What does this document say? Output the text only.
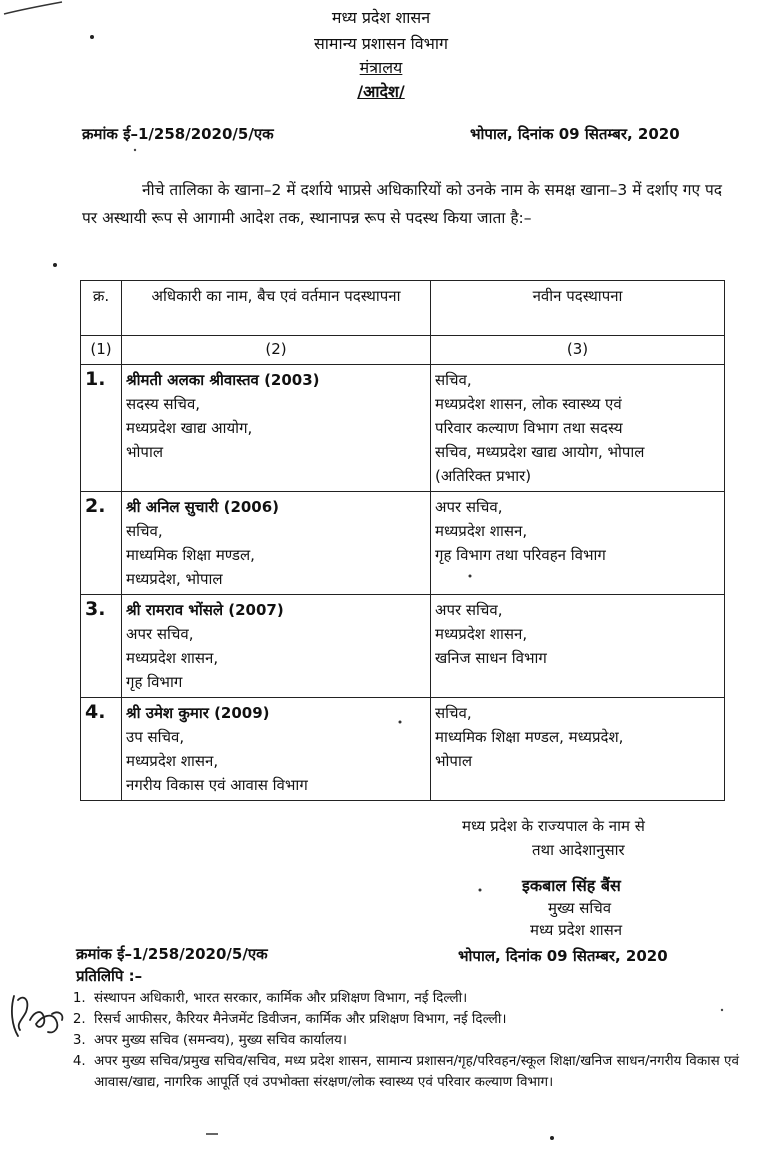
मध्य प्रदेश शासन
सामान्य प्रशासन विभाग
मंत्रालय
/आदेश/
क्रमांक ई–1/258/2020/5/एक	भोपाल, दिनांक 09 सितम्बर, 2020
नीचे तालिका के खाना–2 में दर्शाये भाप्रसे अधिकारियों को उनके नाम के समक्ष खाना–3 में दर्शाए गए पद पर अस्थायी रूप से आगामी आदेश तक, स्थानापन्न रूप से पदस्थ किया जाता है:–
क्र.	अधिकारी का नाम, बैच एवं वर्तमान पदस्थापना	नवीन पदस्थापना
(1)	(2)	(3)
1.	श्रीमती अलका श्रीवास्तव (2003)
सदस्य सचिव,
मध्यप्रदेश खाद्य आयोग,
भोपाल	सचिव,
मध्यप्रदेश शासन, लोक स्वास्थ्य एवं
परिवार कल्याण विभाग तथा सदस्य
सचिव, मध्यप्रदेश खाद्य आयोग, भोपाल
(अतिरिक्त प्रभार)

2.	श्री अनिल सुचारी (2006)
सचिव,
माध्यमिक शिक्षा मण्डल,
मध्यप्रदेश, भोपाल	अपर सचिव,
मध्यप्रदेश शासन,
गृह विभाग तथा परिवहन विभाग

3.	श्री रामराव भोंसले (2007)
अपर सचिव,
मध्यप्रदेश शासन,
गृह विभाग	अपर सचिव,
मध्यप्रदेश शासन,
खनिज साधन विभाग

4.	श्री उमेश कुमार (2009)
उप सचिव,
मध्यप्रदेश शासन,
नगरीय विकास एवं आवास विभाग	सचिव,
माध्यमिक शिक्षा मण्डल, मध्यप्रदेश,
भोपाल
मध्य प्रदेश के राज्यपाल के नाम से
तथा आदेशानुसार
इकबाल सिंह बैंस
मुख्य सचिव
मध्य प्रदेश शासन
क्रमांक ई–1/258/2020/5/एक	भोपाल, दिनांक 09 सितम्बर, 2020
प्रतिलिपि :–
1. संस्थापन अधिकारी, भारत सरकार, कार्मिक और प्रशिक्षण विभाग, नई दिल्ली।
2. रिसर्च आफीसर, कैरियर मैनेजमेंट डिवीजन, कार्मिक और प्रशिक्षण विभाग, नई दिल्ली।
3. अपर मुख्य सचिव (समन्वय), मुख्य सचिव कार्यालय।
4. अपर मुख्य सचिव/प्रमुख सचिव/सचिव, मध्य प्रदेश शासन, सामान्य प्रशासन/गृह/परिवहन/स्कूल शिक्षा/खनिज साधन/नगरीय विकास एवं आवास/खाद्य, नागरिक आपूर्ति एवं उपभोक्ता संरक्षण/लोक स्वास्थ्य एवं परिवार कल्याण विभाग।
